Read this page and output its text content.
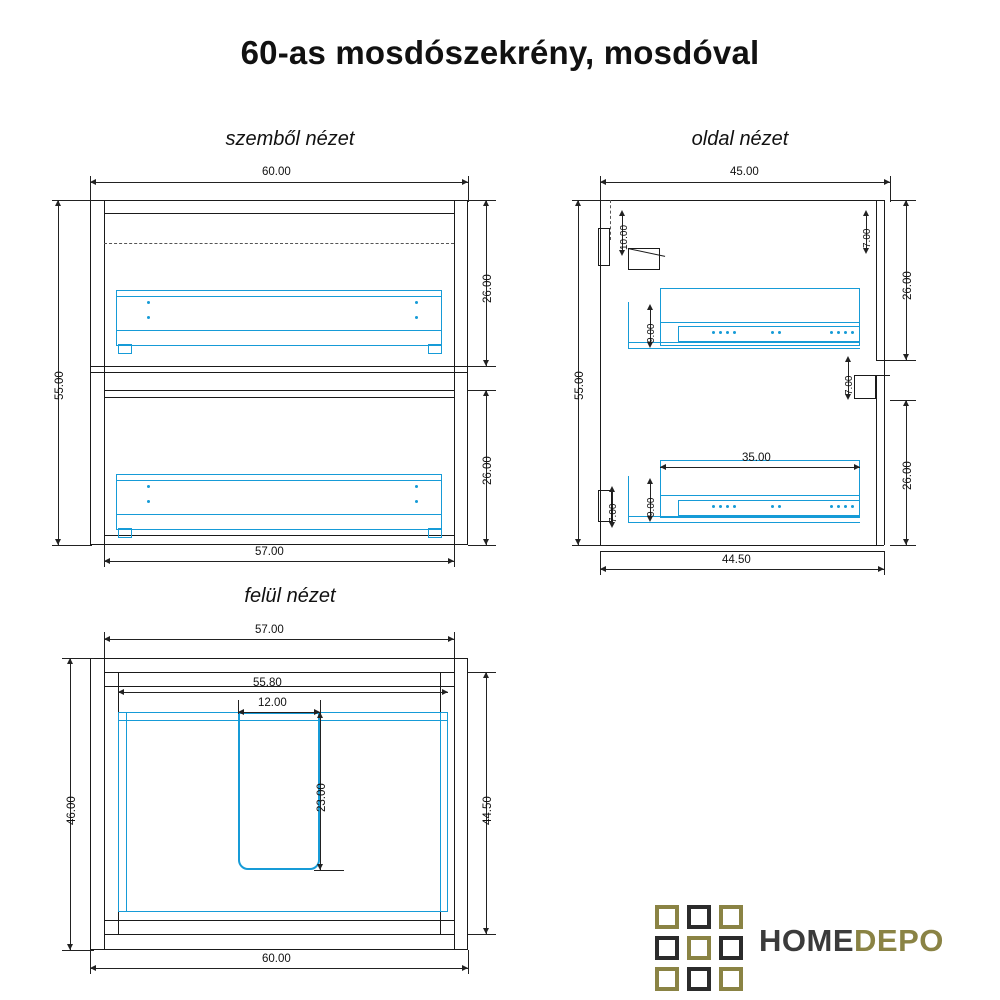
60-as mosdószekrény, mosdóval
szemből nézet	oldal nézet
felül nézet
60.00
55.00
26.00
26.00
57.00
45.00
10.00	7.00
9.00
7.00
7.00	9.00
35.00
55.00
26.00
26.00
44.50
57.00
55.80
12.00
23.00
46.00	44.50
60.00
HOMEDEPO
